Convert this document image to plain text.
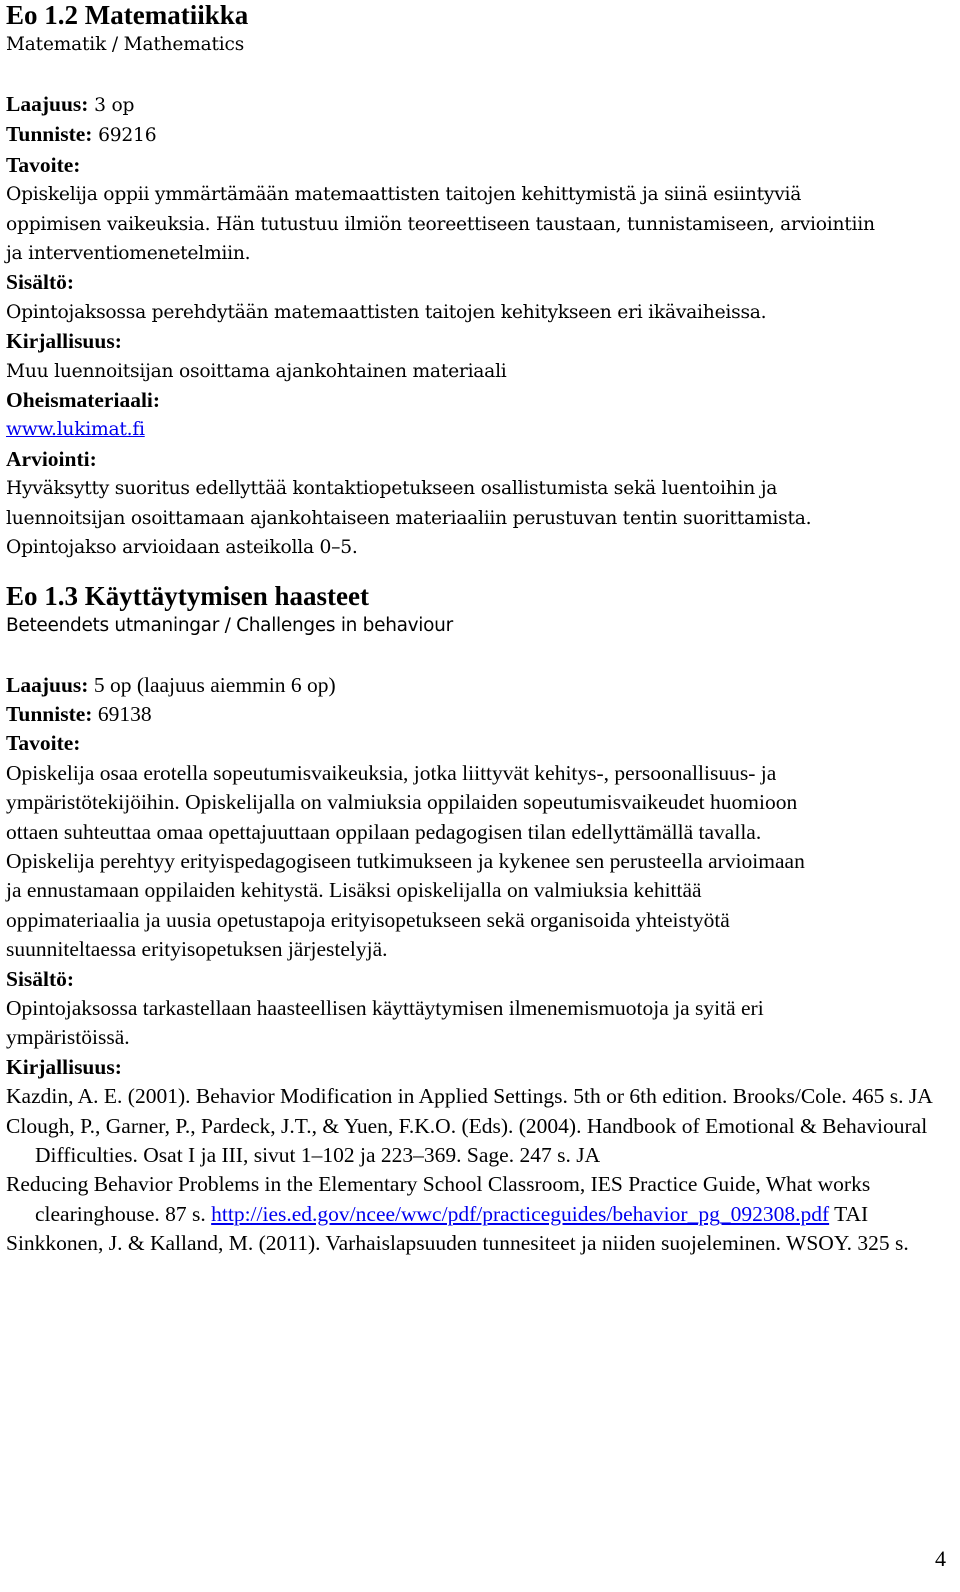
Eo 1.2 Matematiikka

Matematik / Mathematics

Laajuus: 3 op

Tunniste: 69216

Tavoite:

Opiskelija oppii ymmärtämään matemaattisten taitojen kehittymistä ja siinä esiintyviä

oppimisen vaikeuksia. Hän tutustuu ilmiön teoreettiseen taustaan, tunnistamiseen, arviointiin

ja interventiomenetelmiin.

Sisältö:

Opintojaksossa perehdytään matemaattisten taitojen kehitykseen eri ikävaiheissa.

Kirjallisuus:

Muu luennoitsijan osoittama ajankohtainen materiaali

Oheismateriaali:

www.lukimat.fi

Arviointi:

Hyväksytty suoritus edellyttää kontaktiopetukseen osallistumista sekä luentoihin ja

luennoitsijan osoittamaan ajankohtaiseen materiaaliin perustuvan tentin suorittamista.

Opintojakso arvioidaan asteikolla 0–5.

Eo 1.3 Käyttäytymisen haasteet

Beteendets utmaningar / Challenges in behaviour

Laajuus: 5 op (laajuus aiemmin 6 op)

Tunniste: 69138

Tavoite:

Opiskelija osaa erotella sopeutumisvaikeuksia, jotka liittyvät kehitys-, persoonallisuus- ja

ympäristötekijöihin. Opiskelijalla on valmiuksia oppilaiden sopeutumisvaikeudet huomioon

ottaen suhteuttaa omaa opettajuuttaan oppilaan pedagogisen tilan edellyttämällä tavalla.

Opiskelija perehtyy erityispedagogiseen tutkimukseen ja kykenee sen perusteella arvioimaan

ja ennustamaan oppilaiden kehitystä. Lisäksi opiskelijalla on valmiuksia kehittää

oppimateriaalia ja uusia opetustapoja erityisopetukseen sekä organisoida yhteistyötä

suunniteltaessa erityisopetuksen järjestelyjä.

Sisältö:

Opintojaksossa tarkastellaan haasteellisen käyttäytymisen ilmenemismuotoja ja syitä eri

ympäristöissä.

Kirjallisuus:

Kazdin, A. E. (2001). Behavior Modification in Applied Settings. 5th or 6th edition. Brooks/Cole. 465 s. JA

Clough, P., Garner, P., Pardeck, J.T., & Yuen, F.K.O. (Eds). (2004). Handbook of Emotional & Behavioural Difficulties. Osat I ja III, sivut 1–102 ja 223–369. Sage. 247 s. JA

Reducing Behavior Problems in the Elementary School Classroom, IES Practice Guide, What works clearinghouse. 87 s. http://ies.ed.gov/ncee/wwc/pdf/practiceguides/behavior_pg_092308.pdf TAI

Sinkkonen, J. & Kalland, M. (2011). Varhaislapsuuden tunnesiteet ja niiden suojeleminen. WSOY. 325 s.

4
